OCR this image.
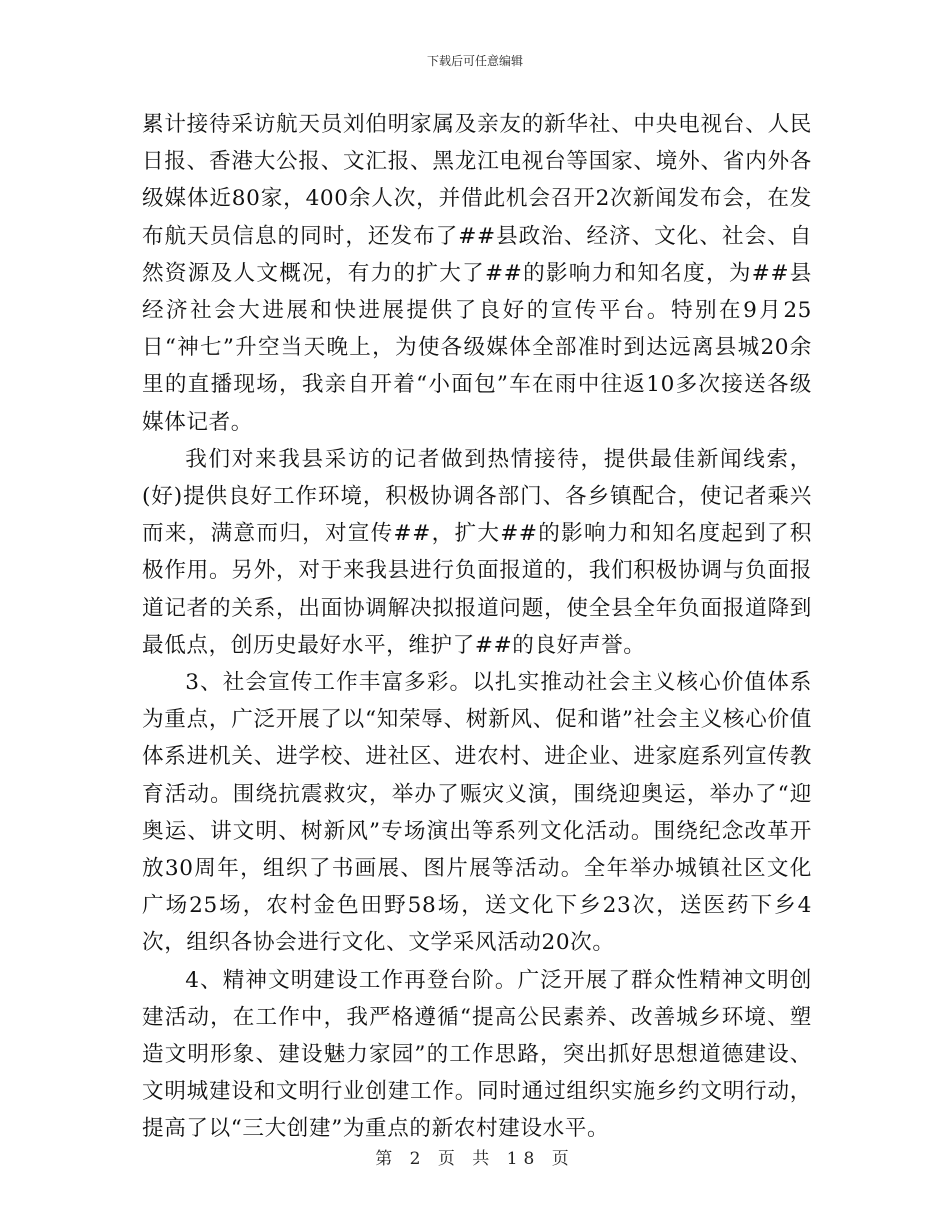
下载后可任意编辑

累计接待采访航天员刘伯明家属及亲友的新华社、中央电视台、人民日报、香港大公报、文汇报、黑龙江电视台等国家、境外、省内外各级媒体近80家，400余人次，并借此机会召开2次新闻发布会，在发布航天员信息的同时，还发布了##县政治、经济、文化、社会、自然资源及人文概况，有力的扩大了##的影响力和知名度，为##县经济社会大进展和快进展提供了良好的宣传平台。特别在9月25日“神七”升空当天晚上，为使各级媒体全部准时到达远离县城20余里的直播现场，我亲自开着“小面包”车在雨中往返10多次接送各级媒体记者。

我们对来我县采访的记者做到热情接待，提供最佳新闻线索，(好)提供良好工作环境，积极协调各部门、各乡镇配合，使记者乘兴而来，满意而归，对宣传##，扩大##的影响力和知名度起到了积极作用。另外，对于来我县进行负面报道的，我们积极协调与负面报道记者的关系，出面协调解决拟报道问题，使全县全年负面报道降到最低点，创历史最好水平，维护了##的良好声誉。

3、社会宣传工作丰富多彩。以扎实推动社会主义核心价值体系为重点，广泛开展了以“知荣辱、树新风、促和谐”社会主义核心价值体系进机关、进学校、进社区、进农村、进企业、进家庭系列宣传教育活动。围绕抗震救灾，举办了赈灾义演，围绕迎奥运，举办了“迎奥运、讲文明、树新风”专场演出等系列文化活动。围绕纪念改革开放30周年，组织了书画展、图片展等活动。全年举办城镇社区文化广场25场，农村金色田野58场，送文化下乡23次，送医药下乡4次，组织各协会进行文化、文学采风活动20次。

4、精神文明建设工作再登台阶。广泛开展了群众性精神文明创建活动，在工作中，我严格遵循“提高公民素养、改善城乡环境、塑造文明形象、建设魅力家园”的工作思路，突出抓好思想道德建设、文明城建设和文明行业创建工作。同时通过组织实施乡约文明行动，提高了以“三大创建”为重点的新农村建设水平。

第 2 页 共 18 页
